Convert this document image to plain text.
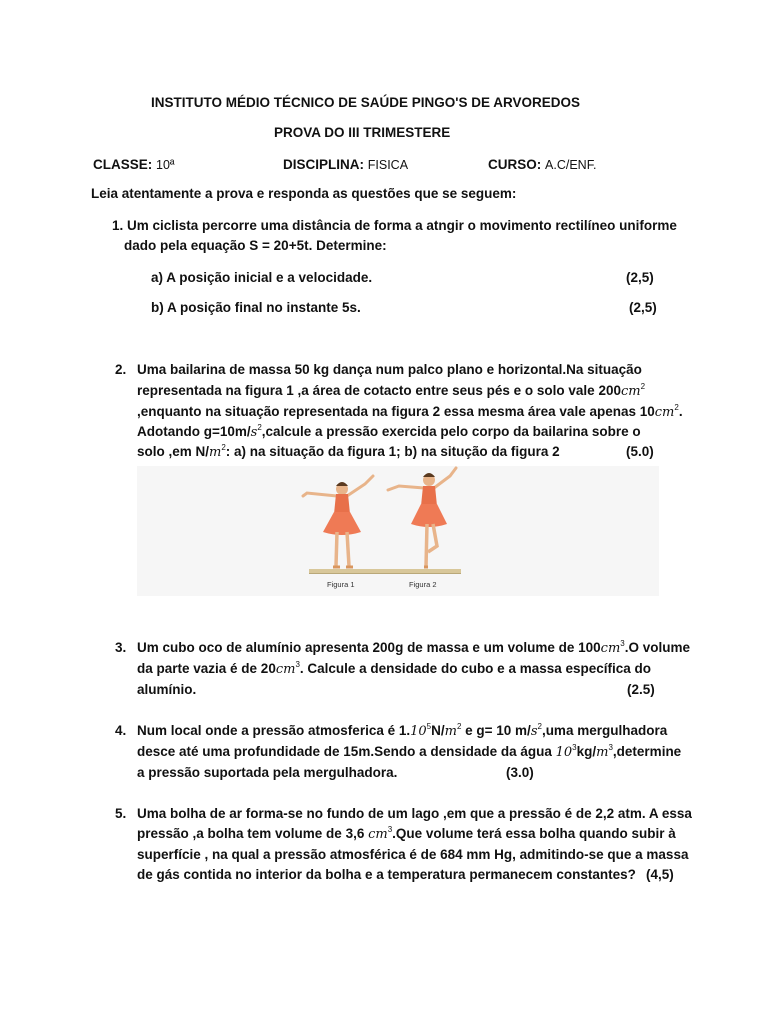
INSTITUTO MÉDIO TÉCNICO DE SAÚDE PINGO'S DE ARVOREDOS
PROVA DO III TRIMESTERE
CLASSE: 10ª	DISCIPLINA: FISICA	CURSO: A.C/ENF.
Leia atentamente a prova e responda as questões que se seguem:
1. Um ciclista percorre uma distância de forma a atngir o movimento rectilíneo uniforme
dado pela equação S = 20+5t. Determine:
a) A posição inicial e a velocidade.	(2,5)
b) A posição final no instante 5s.	(2,5)
2. Uma bailarina de massa 50 kg dança num palco plano e horizontal.Na situação
representada na figura 1 ,a área de cotacto entre seus pés e o solo vale $200cm^2$
,enquanto na situação representada na figura 2 essa mesma área vale apenas $10cm^2$.
Adotando $g=10m/s^2,calcule$ a pressão exercida pelo corpo da bailarina sobre o
solo ,em $N/m^2$: a) na situação da figura 1; b) na situção da figura 2	(5.0)
Figura 1	Figura 2
3. Um cubo oco de alumínio apresenta 200g de massa e um volume de $100cm^3.O$ volume
da parte vazia é de $20cm^3$. Calcule a densidade do cubo e a massa específica do
alumínio.	(2.5)
4. Num local onde a pressão atmosferica é $1.10^5N/m^2$ e g= 10 $m/s^2,uma$ mergulhadora
desce até uma profundidade de 15m.Sendo a densidade da água $10^3kg/m^3,determine$
a pressão suportada pela mergulhadora.	(3.0)
5. Uma bolha de ar forma-se no fundo de um lago ,em que a pressão é de 2,2 atm. A essa
pressão ,a bolha tem volume de 3,6 $cm^3.Que$ volume terá essa bolha quando subir à
superfície , na qual a pressão atmosférica é de 684 mm Hg, admitindo-se que a massa
de gás contida no interior da bolha e a temperatura permanecem constantes? (4,5)
